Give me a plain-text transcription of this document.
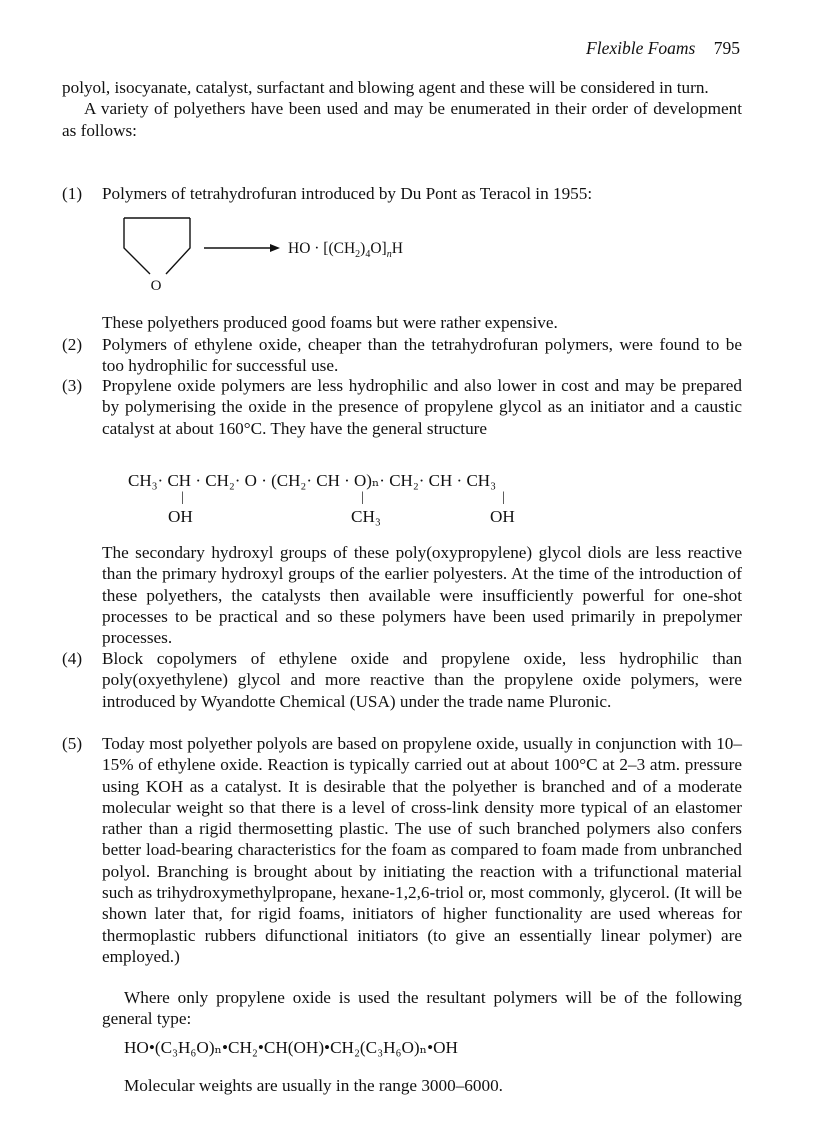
Flexible Foams 795

polyol, isocyanate, catalyst, surfactant and blowing agent and these will be considered in turn.

A variety of polyethers have been used and may be enumerated in their order of development as follows:

(1) Polymers of tetrahydrofuran introduced by Du Pont as Teracol in 1955:
O
HO · $[(CH_2)_4O]_nH$
These polyethers produced good foams but were rather expensive.
(2) Polymers of ethylene oxide, cheaper than the tetrahydrofuran polymers, were found to be too hydrophilic for successful use.
(3) Propylene oxide polymers are less hydrophilic and also lower in cost and may be prepared by polymerising the oxide in the presence of propylene glycol as an initiator and a caustic catalyst at about 160°C. They have the general structure
CH₃· CH · CH₂· O · (CH₂· CH · O)ₙ· CH₂· CH · CH₃
|	|	|
OH	CH₃	OH
The secondary hydroxyl groups of these poly(oxypropylene) glycol diols are less reactive than the primary hydroxyl groups of the earlier polyesters. At the time of the introduction of these polyethers, the catalysts then available were insufficiently powerful for one-shot processes to be practical and so these polymers have been used primarily in prepolymer processes.
(4) Block copolymers of ethylene oxide and propylene oxide, less hydrophilic than poly(oxyethylene) glycol and more reactive than the propylene oxide polymers, were introduced by Wyandotte Chemical (USA) under the trade name Pluronic.
(5) Today most polyether polyols are based on propylene oxide, usually in conjunction with 10–15% of ethylene oxide. Reaction is typically carried out at about 100°C at 2–3 atm. pressure using KOH as a catalyst. It is desirable that the polyether is branched and of a moderate molecular weight so that there is a level of cross-link density more typical of an elastomer rather than a rigid thermosetting plastic. The use of such branched polymers also confers better load-bearing characteristics for the foam as compared to foam made from unbranched polyol. Branching is brought about by initiating the reaction with a trifunctional material such as trihydroxymethylpropane, hexane-1,2,6-triol or, most commonly, glycerol. (It will be shown later that, for rigid foams, initiators of higher functionality are used whereas for thermoplastic rubbers difunctional initiators (to give an essentially linear polymer) are employed.)

Where only propylene oxide is used the resultant polymers will be of the following general type:

HO•(C₃H₆O)ₙ•CH₂•CH(OH)•CH₂(C₃H₆O)ₙ•OH
Molecular weights are usually in the range 3000–6000.
